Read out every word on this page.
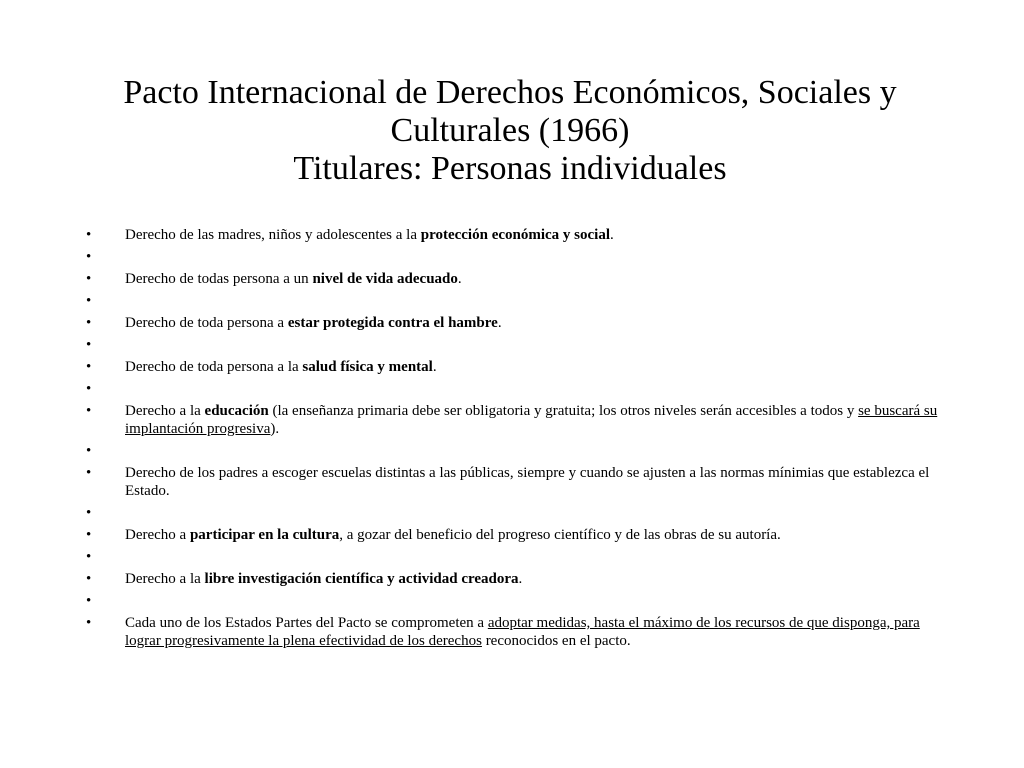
Pacto Internacional de Derechos Económicos, Sociales y
Culturales (1966)
Titulares: Personas individuales
• Derecho de las madres, niños y adolescentes a la protección económica y social.
•
• Derecho de todas persona a un nivel de vida adecuado.
•
• Derecho de toda persona a estar protegida contra el hambre.
•
• Derecho de toda persona a la salud física y mental.
•
• Derecho a la educación (la enseñanza primaria debe ser obligatoria y gratuita; los otros niveles serán accesibles a todos y se buscará su implantación progresiva).
•
• Derecho de los padres a escoger escuelas distintas a las públicas, siempre y cuando se ajusten a las normas mínimias que establezca el Estado.
•
• Derecho a participar en la cultura, a gozar del beneficio del progreso científico y de las obras de su autoría.
•
• Derecho a la libre investigación científica y actividad creadora.
•
• Cada uno de los Estados Partes del Pacto se comprometen a adoptar medidas, hasta el máximo de los recursos de que disponga, para lograr progresivamente la plena efectividad de los derechos reconocidos en el pacto.
